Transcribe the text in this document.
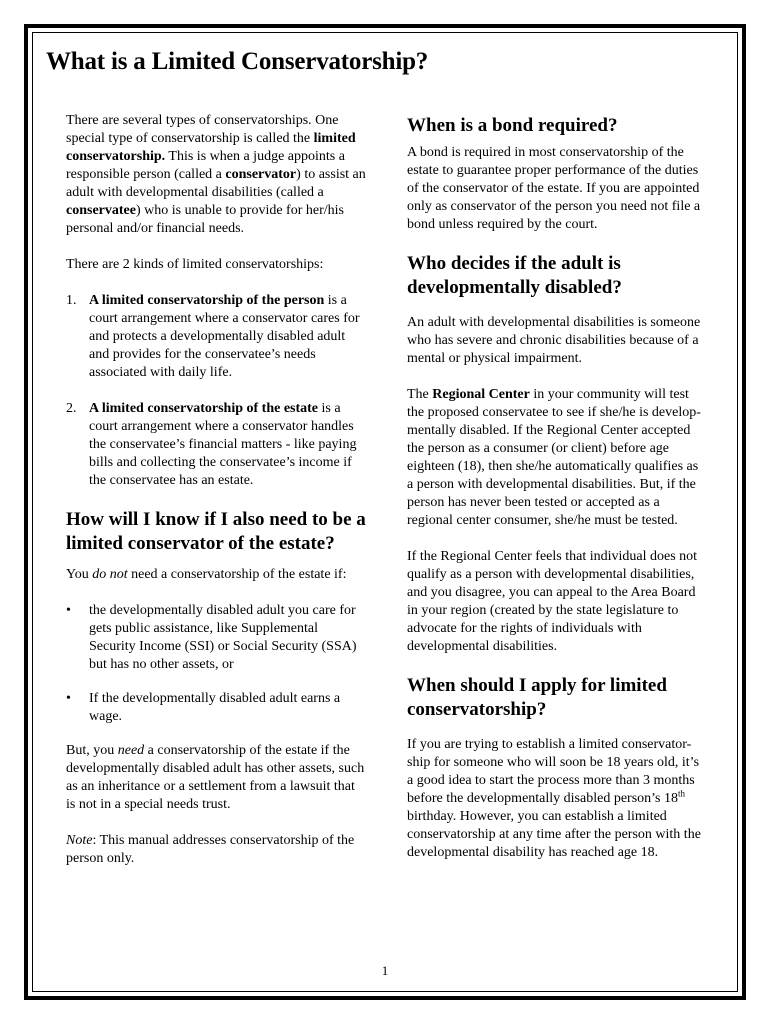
What is a Limited Conservatorship?

There are several types of conservatorships. One special type of conservatorship is called the limited conservatorship. This is when a judge appoints a responsible person (called a conservator) to assist an adult with developmental disabilities (called a conservatee) who is unable to provide for her/his personal and/or financial needs.

There are 2 kinds of limited conservatorships:

1. A limited conservatorship of the person is a court arrangement where a conservator cares for and protects a developmentally disabled adult and provides for the conservatee’s needs associated with daily life.
2. A limited conservatorship of the estate is a court arrangement where a conservator handles the conservatee’s financial matters - like paying bills and collecting the conservatee’s income if the conservatee has an estate.
How will I know if I also need to be a limited conservator of the estate?

You do not need a conservatorship of the estate if:

• the developmentally disabled adult you care for gets public assistance, like Supplemental Security Income (SSI) or Social Security (SSA) but has no other assets, or
• If the developmentally disabled adult earns a wage.

But, you need a conservatorship of the estate if the developmentally disabled adult has other assets, such as an inheritance or a settlement from a lawsuit that is not in a special needs trust.

Note: This manual addresses conservatorship of the person only.

When is a bond required?

A bond is required in most conservatorship of the estate to guarantee proper performance of the duties of the conservator of the estate. If you are appointed only as conservator of the person you need not file a bond unless required by the court.

Who decides if the adult is developmentally disabled?

An adult with developmental disabilities is someone who has severe and chronic disabilities because of a mental or physical impairment.

The Regional Center in your community will test the proposed conservatee to see if she/he is develop-mentally disabled. If the Regional Center accepted the person as a consumer (or client) before age eighteen (18), then she/he automatically qualifies as a person with developmental disabilities. But, if the person has never been tested or accepted as a regional center consumer, she/he must be tested.

If the Regional Center feels that individual does not qualify as a person with developmental disabilities, and you disagree, you can appeal to the Area Board in your region (created by the state legislature to advocate for the rights of individuals with developmental disabilities.

When should I apply for limited conservatorship?

If you are trying to establish a limited conservator-ship for someone who will soon be 18 years old, it’s a good idea to start the process more than 3 months before the developmentally disabled person’s 18th birthday. However, you can establish a limited conservatorship at any time after the person with the developmental disability has reached age 18.

1
